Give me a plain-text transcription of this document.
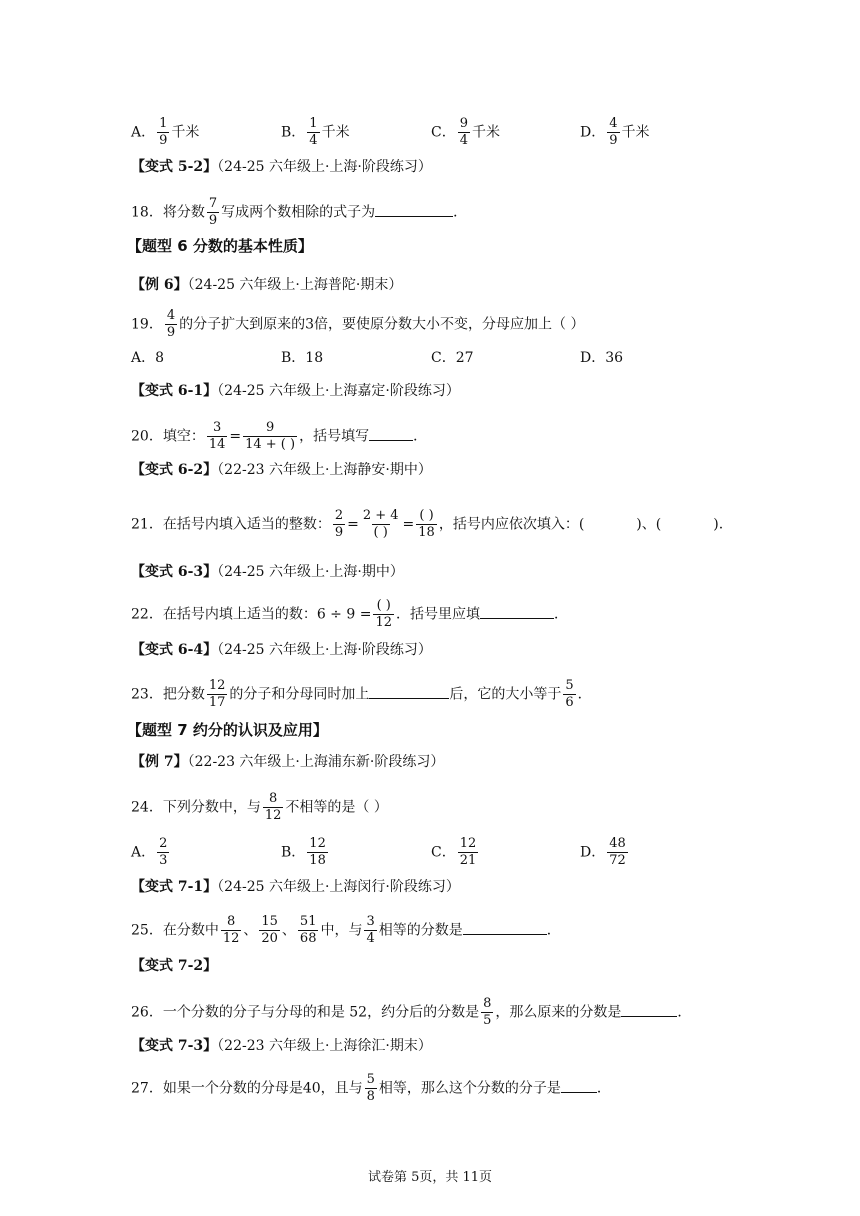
A． $\frac{1}{9}$ 千米	B． $\frac{1}{4}$ 千米	C． $\frac{9}{4}$ 千米	D． $\frac{4}{9}$ 千米
【变式 5-2】（24-25 六年级上·上海·阶段练习）
18．将分数 $\frac{7}{9}$ 写成两个数相除的式子为	．
【题型 6 分数的基本性质】
【例 6】（24-25 六年级上·上海普陀·期末）
19． $\frac{4}{9}$ 的分子扩大到原来的3倍，要使原分数大小不变，分母应加上（ ）
A．8	B．18	C．27	D．36
【变式 6-1】（24-25 六年级上·上海嘉定·阶段练习）
20．填空： $\frac{3}{14} = \frac{9}{14 + ( )}$ ，括号填写	．
【变式 6-2】（22-23 六年级上·上海静安·期中）
21．在括号内填入适当的整数： $\frac{2}{9} = \frac{2 + 4}{( )} = \frac{( )}{18}$ ，括号内应依次填入：(	)、(	).
【变式 6-3】（24-25 六年级上·上海·期中）
22．在括号内填上适当的数：$6 \div 9 = \frac{( )}{12}$ ．括号里应填	．
【变式 6-4】（24-25 六年级上·上海·阶段练习）
23．把分数 $\frac{12}{17}$ 的分子和分母同时加上	后，它的大小等于 $\frac{5}{6}$ ．
【题型 7 约分的认识及应用】
【例 7】（22-23 六年级上·上海浦东新·阶段练习）
24．下列分数中，与 $\frac{8}{12}$ 不相等的是（ ）
A． $\frac{2}{3}$	B． $\frac{12}{18}$	C． $\frac{12}{21}$	D． $\frac{48}{72}$
【变式 7-1】（24-25 六年级上·上海闵行·阶段练习）
25．在分数中 $\frac{8}{12}$ 、 $\frac{15}{20}$ 、 $\frac{51}{68}$ 中，与 $\frac{3}{4}$ 相等的分数是	．
【变式 7-2】
26．一个分数的分子与分母的和是 52，约分后的分数是 $\frac{8}{5}$ ，那么原来的分数是	．
【变式 7-3】（22-23 六年级上·上海徐汇·期末）
27．如果一个分数的分母是40，且与 $\frac{5}{8}$ 相等，那么这个分数的分子是	．
试卷第 5页，共 11页
